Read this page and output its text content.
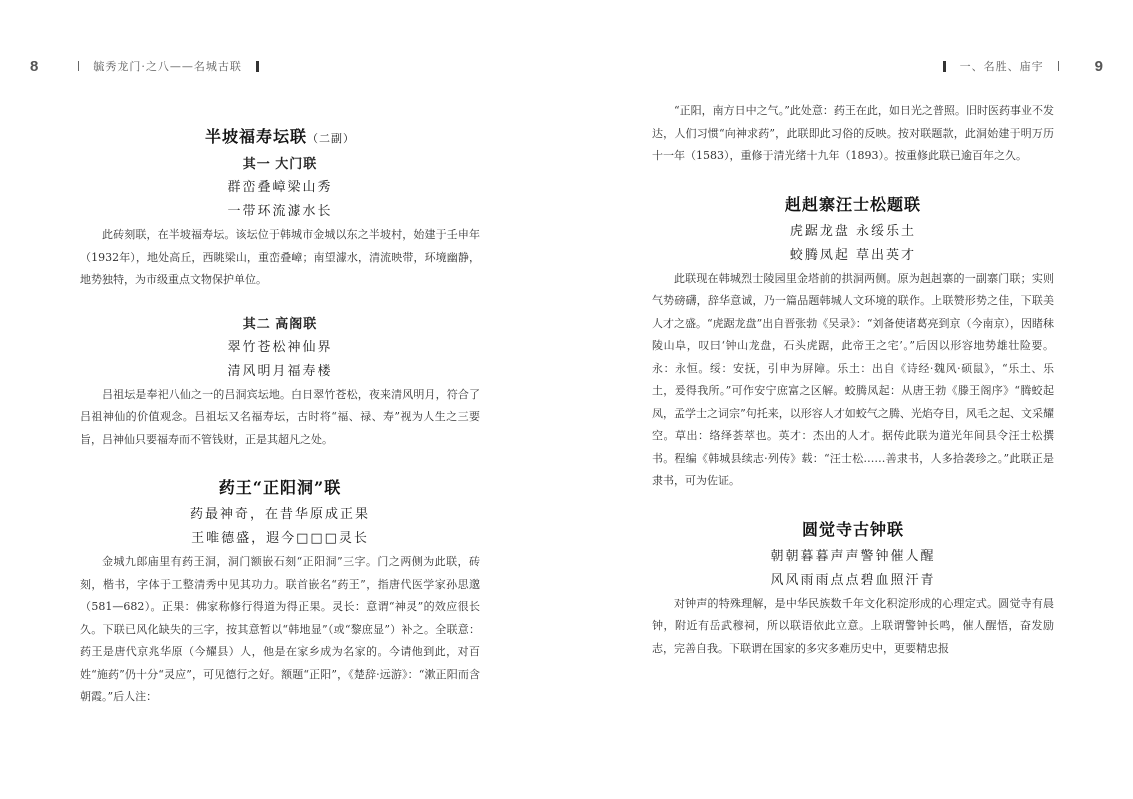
8	毓秀龙门·之八——名城古联
半坡福寿坛联（二副）
其一 大门联
群峦叠嶂梁山秀
一带环流澽水长

此砖刻联，在半坡福寿坛。该坛位于韩城市金城以东之半坡村，始建于壬申年（1932年），地处高丘，西眺梁山，重峦叠嶂；南望澽水，清流映带，环境幽静，地势独特，为市级重点文物保护单位。

其二 高阁联
翠竹苍松神仙界
清风明月福寿楼

吕祖坛是奉祀八仙之一的吕洞宾坛地。白日翠竹苍松，夜来清风明月，符合了吕祖神仙的价值观念。吕祖坛又名福寿坛，古时将“福、禄、寿”视为人生之三要旨，吕神仙只要福寿而不管钱财，正是其超凡之处。

药王“正阳洞”联
药最神奇，在昔华原成正果
王唯德盛，遐今□□□灵长

金城九郎庙里有药王洞，洞门额嵌石刻“正阳洞”三字。门之两侧为此联，砖刻，楷书，字体于工整清秀中见其功力。联首嵌名“药王”，指唐代医学家孙思邈（581—682）。正果：佛家称修行得道为得正果。灵长：意谓“神灵”的效应很长久。下联已风化缺失的三字，按其意暂以“韩地显”（或“黎庶显”）补之。全联意：药王是唐代京兆华原（今耀县）人，他是在家乡成为名家的。今请他到此，对百姓“施药”仍十分“灵应”，可见德行之好。额题“正阳”，《楚辞·远游》：“漱正阳而含朝霞。”后人注：

一、名胜、庙宇	9

“正阳，南方日中之气。”此处意：药王在此，如日光之普照。旧时医药事业不发达，人们习惯“向神求药”，此联即此习俗的反映。按对联题款，此洞始建于明万历十一年（1583），重修于清光绪十九年（1893）。按重修此联已逾百年之久。

赳赳寨汪士松题联
虎踞龙盘 永绥乐土
蛟腾凤起 草出英才

此联现在韩城烈士陵园里金塔前的拱洞两侧。原为赳赳寨的一副寨门联；实则气势磅礴，辞华意诚，乃一篇品题韩城人文环境的联作。上联赞形势之佳，下联美人才之盛。“虎踞龙盘”出自晋张勃《吴录》：“刘备使诸葛亮到京（今南京），因睹秣陵山阜，叹曰‘钟山龙盘，石头虎踞，此帝王之宅’。”后因以形容地势雄壮险要。永：永恒。绥：安抚，引申为屏障。乐土：出自《诗经·魏风·硕鼠》，“乐土、乐土，爰得我所。”可作安宁庶富之区解。蛟腾凤起：从唐王勃《滕王阁序》“腾蛟起凤，孟学士之词宗”句托来，以形容人才如蛟气之腾、光焰夺目，风毛之起、文采耀空。草出：络绎荟萃也。英才：杰出的人才。据传此联为道光年间县令汪士松撰书。程编《韩城县续志·列传》载：“汪士松……善隶书，人多拾袭珍之。”此联正是隶书，可为佐证。

圆觉寺古钟联
朝朝暮暮声声警钟催人醒
风风雨雨点点碧血照汗青

对钟声的特殊理解，是中华民族数千年文化积淀形成的心理定式。圆觉寺有晨钟，附近有岳武穆祠，所以联语依此立意。上联谓警钟长鸣，催人醒悟，奋发励志，完善自我。下联谓在国家的多灾多难历史中，更要精忠报
